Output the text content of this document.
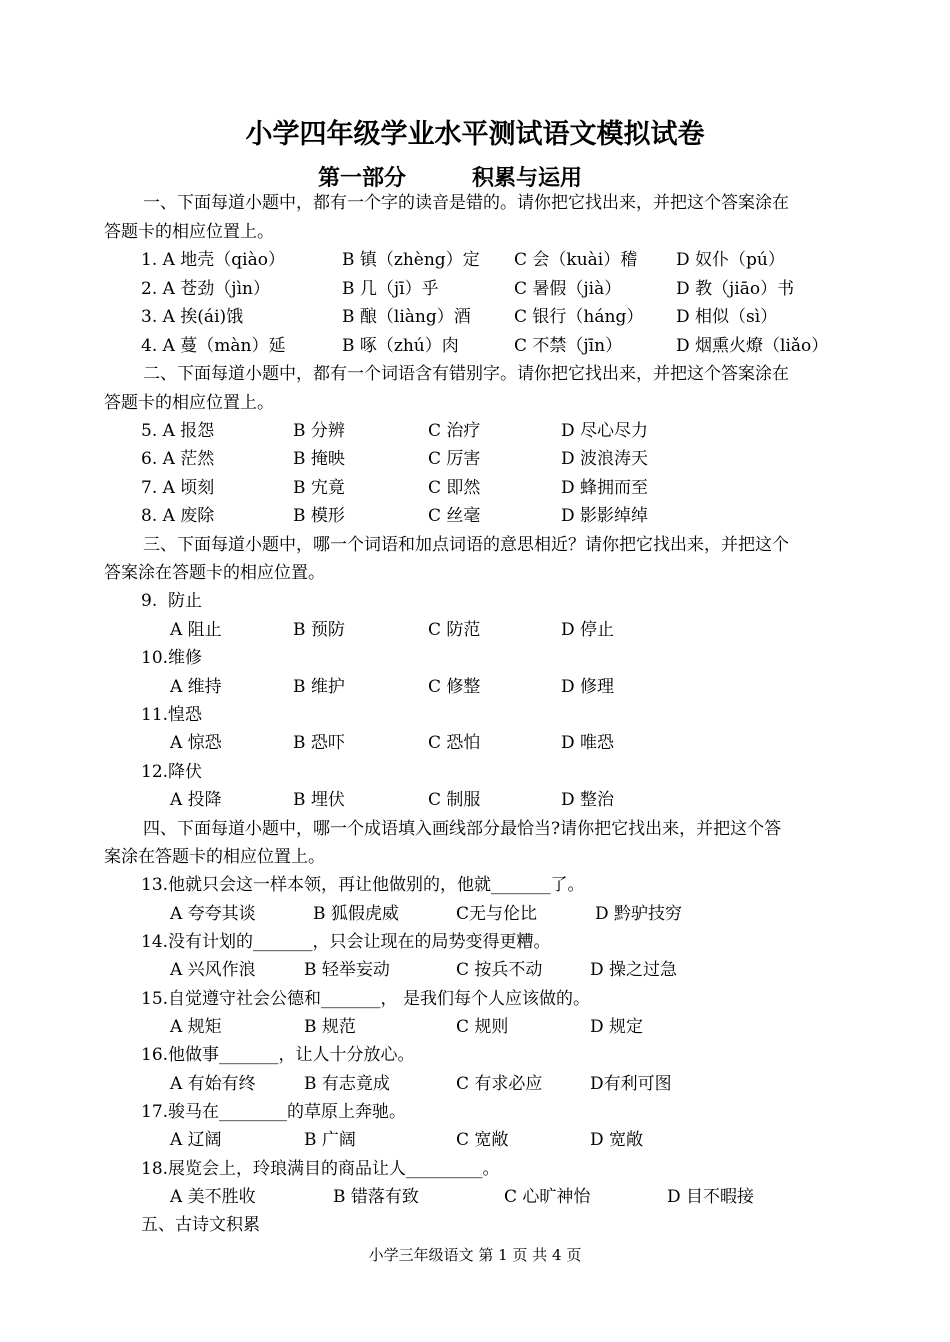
小学四年级学业水平测试语文模拟试卷
第一部分	积累与运用
一、下面每道小题中，都有一个字的读音是错的。请你把它找出来，并把这个答案涂在
答题卡的相应位置上。
1. A 地壳（qiào）	B 镇（zhèng）定 C 会（kuài）稽 D 奴仆（pú）
2. A 苍劲（jìn）	B 几（jī）乎	C 暑假（jià）	D 教（jiāo）书
3. A 挨(ái)饿	B 酿（liàng）酒	C 银行（háng） D 相似（sì）
4. A 蔓（màn）延	B 啄（zhú）肉	C 不禁（jīn）	D 烟熏火燎（liǎo）
二、下面每道小题中，都有一个词语含有错别字。请你把它找出来，并把这个答案涂在
答题卡的相应位置上。
5. A 报怨	B 分辨	C 治疗	D 尽心尽力
6. A 茫然	B 掩映	C 厉害	D 波浪涛天
7. A 顷刻	B 宄竟	C 即然	D 蜂拥而至
8. A 废除	B 模形	C 丝毫	D 影影绰绰
三、下面每道小题中，哪一个词语和加点词语的意思相近？请你把它找出来，并把这个
答案涂在答题卡的相应位置。
9.  防止
A 阻止	B 预防	C 防范	D 停止
10.维修
A 维持	B 维护	C 修整	D 修理
11.惶恐
A 惊恐	B 恐吓	C 恐怕	D 唯恐
12.降伏
A 投降	B 埋伏	C 制服	D 整治
四、下面每道小题中，哪一个成语填入画线部分最恰当?请你把它找出来，并把这个答
案涂在答题卡的相应位置上。
13.他就只会这一样本领，再让他做别的，他就_______了。
A 夸夸其谈	B 狐假虎威	C无与伦比	D 黔驴技穷
14.没有计划的_______，只会让现在的局势变得更糟。
A 兴风作浪	B 轻举妄动	C 按兵不动	D 操之过急
15.自觉遵守社会公德和_______， 是我们每个人应该做的。
A 规矩	B 规范	C 规则	D 规定
16.他做事_______，让人十分放心。
A 有始有终	B 有志竟成	C 有求必应	D有利可图
17.骏马在________的草原上奔驰。
A 辽阔	B 广阔	C 宽敞	D 宽敞
18.展览会上，玲琅满目的商品让人_________。
A 美不胜收	B 错落有致	C 心旷神怡	D 目不暇接
五、古诗文积累
小学三年级语文 第 1 页 共 4 页
